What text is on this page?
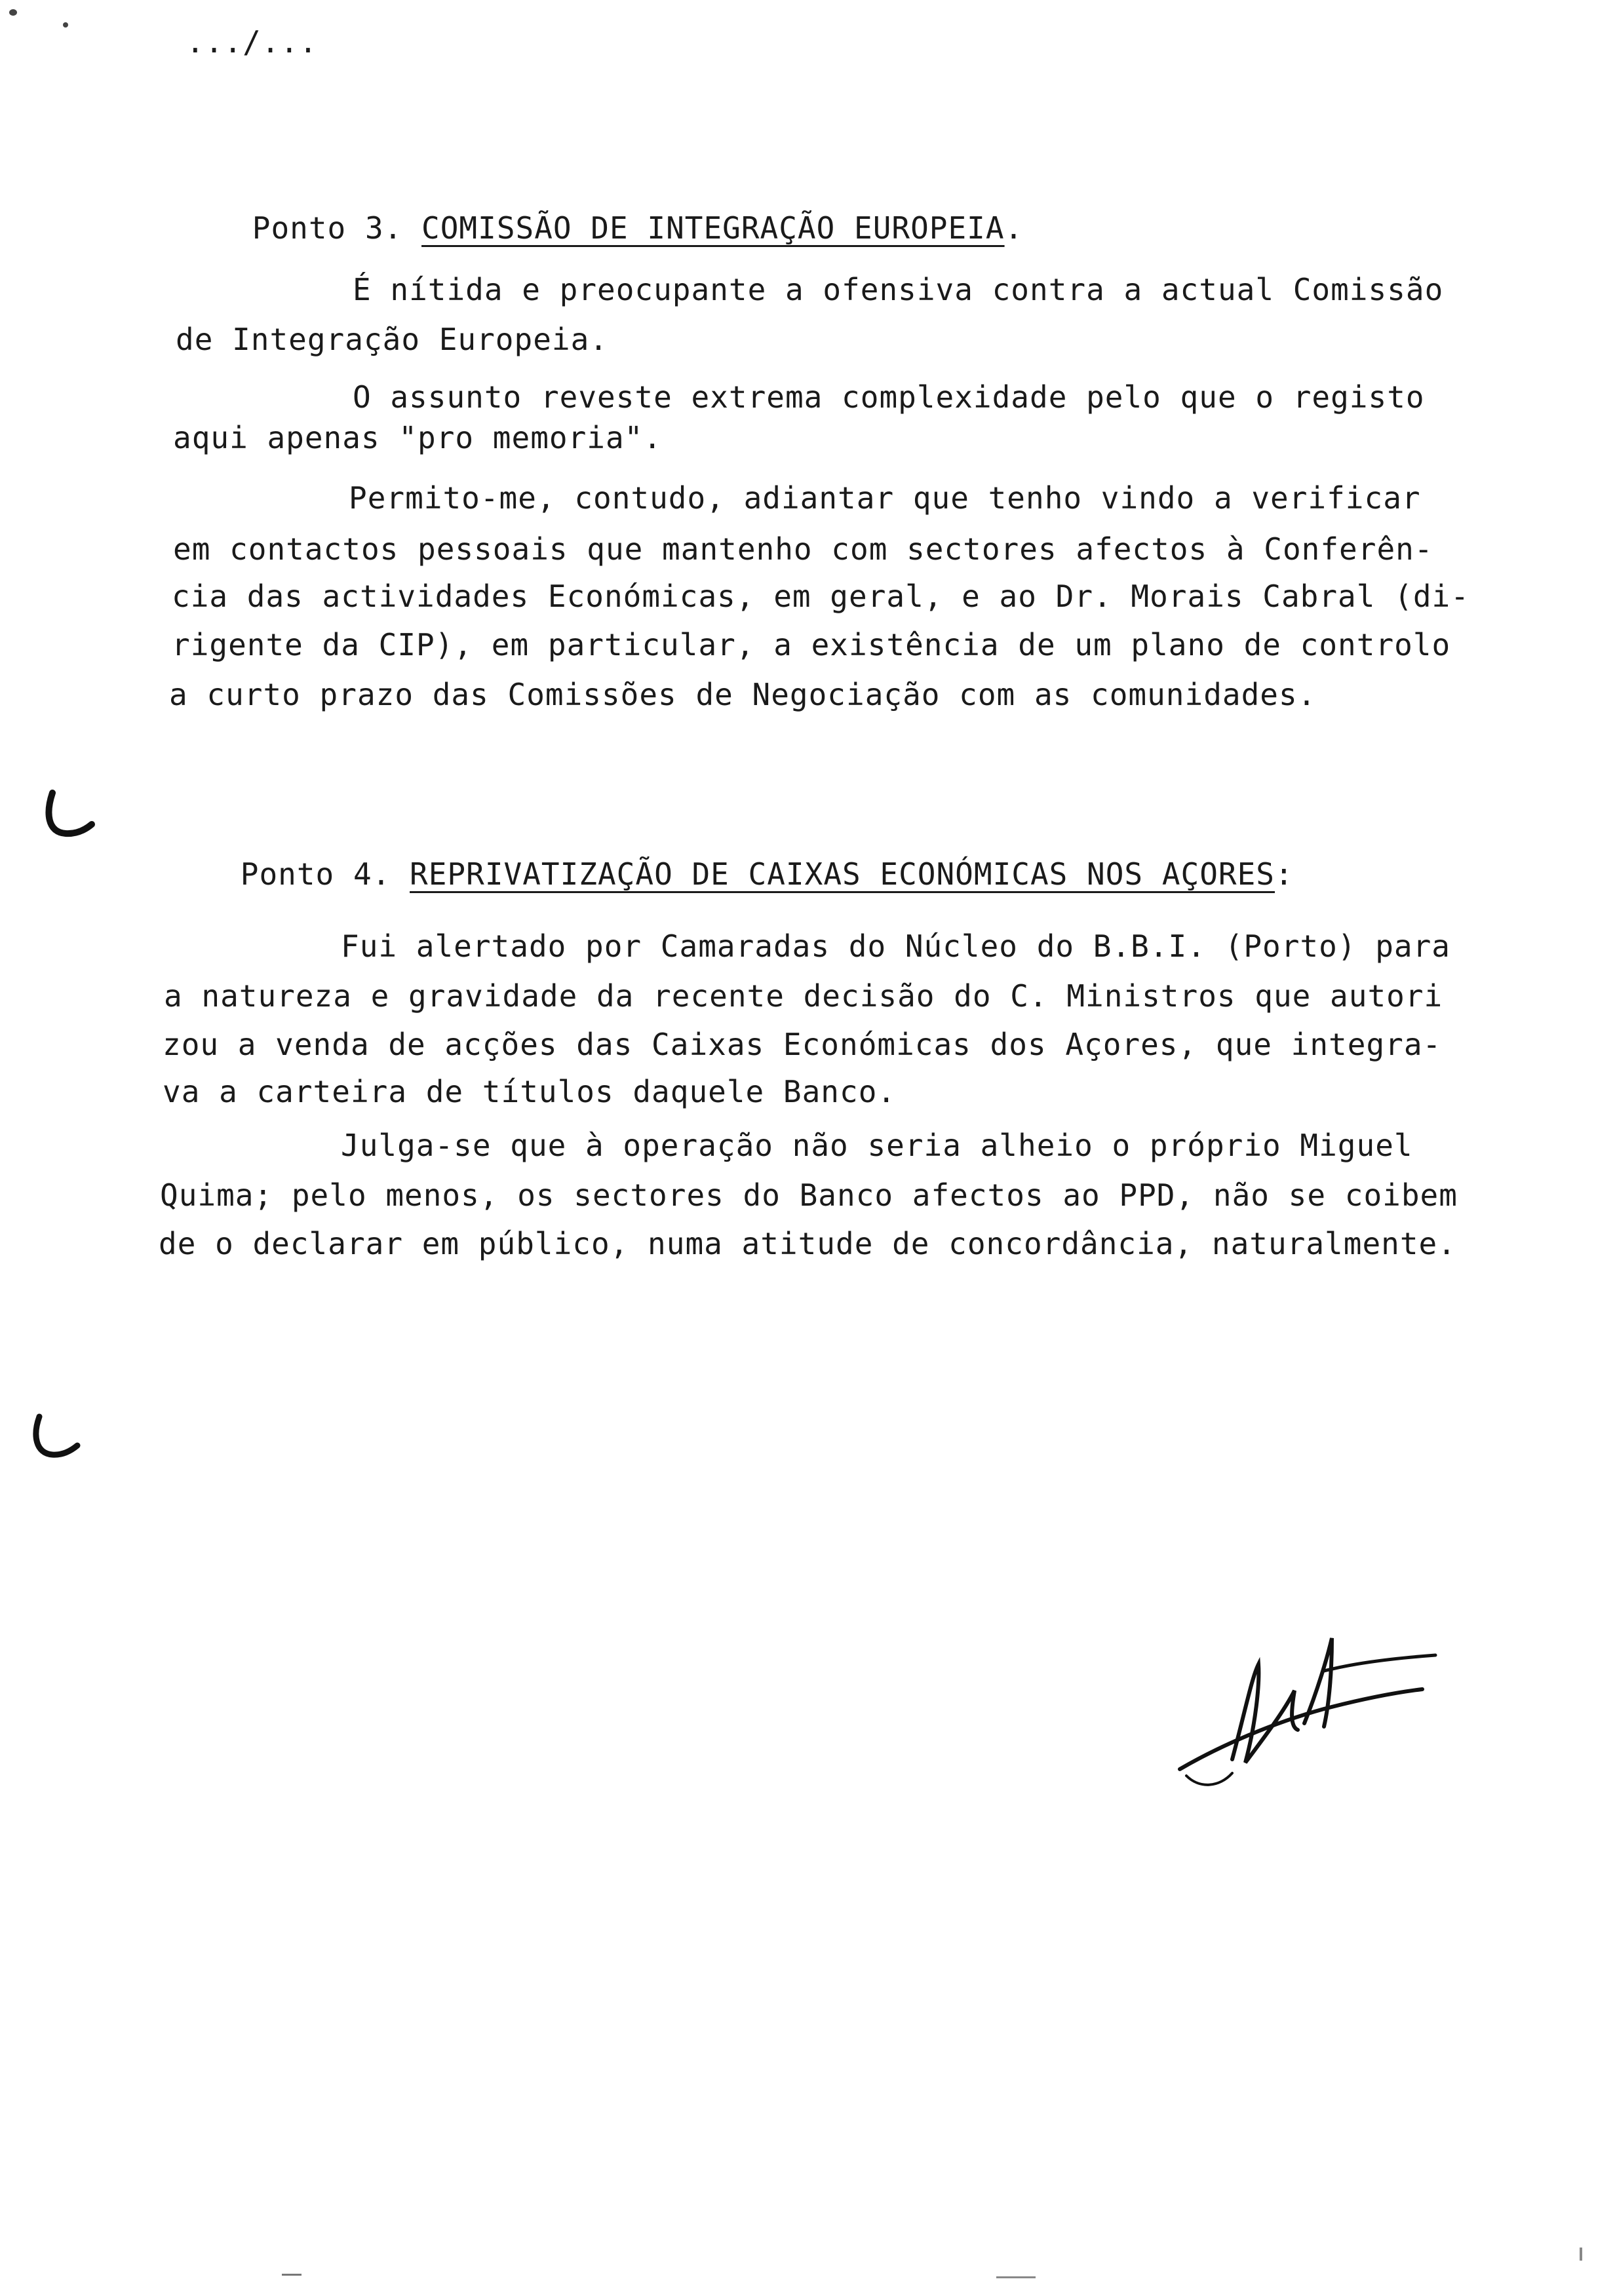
.../...

Ponto 3. COMISSÃO DE INTEGRAÇÃO EUROPEIA.

É nítida e preocupante a ofensiva contra a actual Comissão
de Integração Europeia.
O assunto reveste extrema complexidade pelo que o registo
aqui apenas "pro memoria".
Permito-me, contudo, adiantar que tenho vindo a verificar
em contactos pessoais que mantenho com sectores afectos à Conferên-
cia das actividades Económicas, em geral, e ao Dr. Morais Cabral (di-
rigente da CIP), em particular, a existência de um plano de controlo
a curto prazo das Comissões de Negociação com as comunidades.

Ponto 4. REPRIVATIZAÇÃO DE CAIXAS ECONÓMICAS NOS AÇORES:

Fui alertado por Camaradas do Núcleo do B.B.I. (Porto) para
a natureza e gravidade da recente decisão do C. Ministros que autori
zou a venda de acções das Caixas Económicas dos Açores, que integra-
va a carteira de títulos daquele Banco.
Julga-se que à operação não seria alheio o próprio Miguel
Quima; pelo menos, os sectores do Banco afectos ao PPD, não se coibem
de o declarar em público, numa atitude de concordância, naturalmente.
